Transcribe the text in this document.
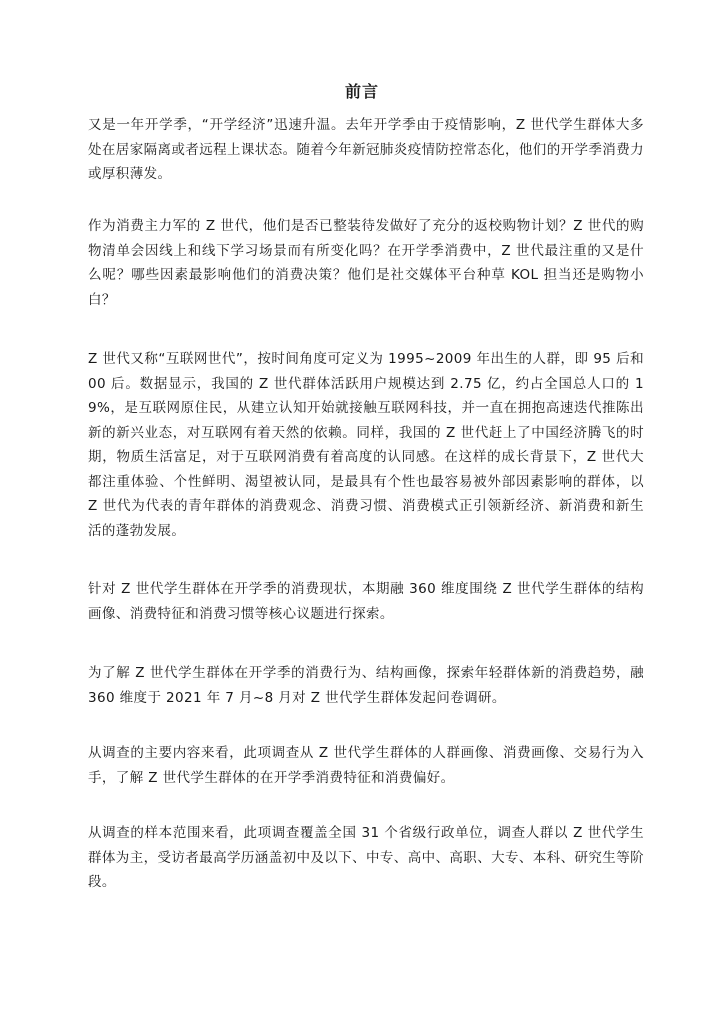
前言

又是一年开学季，“开学经济”迅速升温。去年开学季由于疫情影响，Z 世代学生群体大多处在居家隔离或者远程上课状态。随着今年新冠肺炎疫情防控常态化，他们的开学季消费力或厚积薄发。

作为消费主力军的 Z 世代，他们是否已整装待发做好了充分的返校购物计划？Z 世代的购物清单会因线上和线下学习场景而有所变化吗？在开学季消费中，Z 世代最注重的又是什么呢？哪些因素最影响他们的消费决策？他们是社交媒体平台种草 KOL 担当还是购物小白？

Z 世代又称“互联网世代”，按时间角度可定义为 1995~2009 年出生的人群，即 95 后和 00 后。数据显示，我国的 Z 世代群体活跃用户规模达到 2.75 亿，约占全国总人口的 19%，是互联网原住民，从建立认知开始就接触互联网科技，并一直在拥抱高速迭代推陈出新的新兴业态，对互联网有着天然的依赖。同样，我国的 Z 世代赶上了中国经济腾飞的时期，物质生活富足，对于互联网消费有着高度的认同感。在这样的成长背景下，Z 世代大都注重体验、个性鲜明、渴望被认同，是最具有个性也最容易被外部因素影响的群体，以 Z 世代为代表的青年群体的消费观念、消费习惯、消费模式正引领新经济、新消费和新生活的蓬勃发展。

针对 Z 世代学生群体在开学季的消费现状，本期融 360 维度围绕 Z 世代学生群体的结构画像、消费特征和消费习惯等核心议题进行探索。

为了解 Z 世代学生群体在开学季的消费行为、结构画像，探索年轻群体新的消费趋势，融 360 维度于 2021 年 7 月~8 月对 Z 世代学生群体发起问卷调研。

从调查的主要内容来看，此项调查从 Z 世代学生群体的人群画像、消费画像、交易行为入手，了解 Z 世代学生群体的在开学季消费特征和消费偏好。

从调查的样本范围来看，此项调查覆盖全国 31 个省级行政单位，调查人群以 Z 世代学生群体为主，受访者最高学历涵盖初中及以下、中专、高中、高职、大专、本科、研究生等阶段。
